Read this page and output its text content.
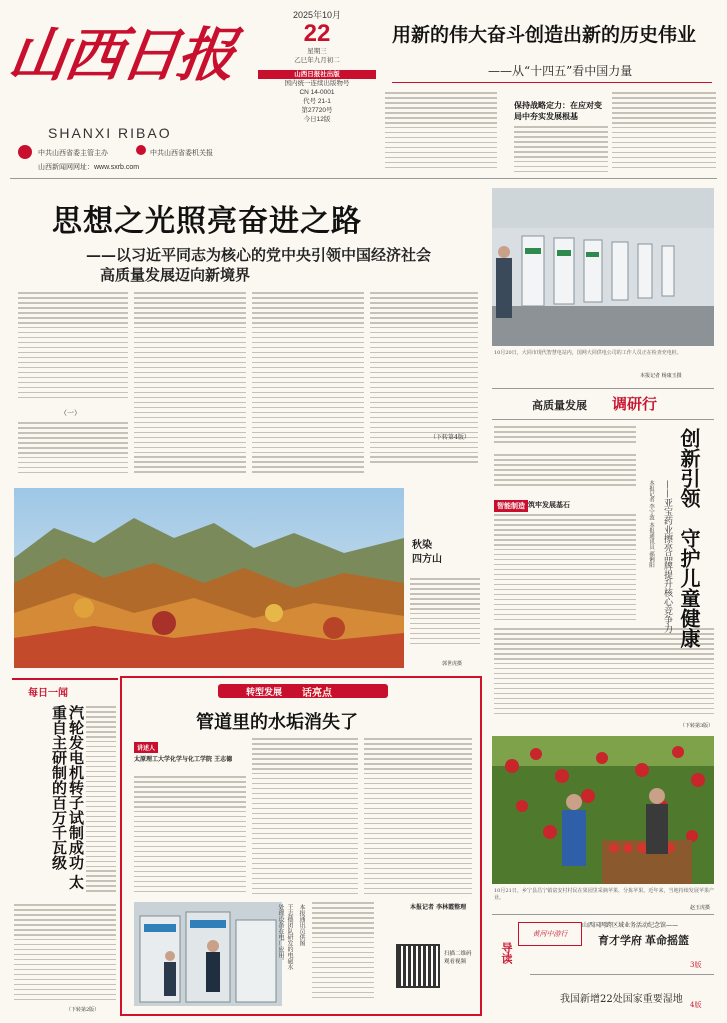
山西日报
SHANXI RIBAO
中共山西省委主管主办	中共山西省委机关报
山西新闻网网址：www.sxrb.com
2025年10月
22
星期三
乙巳年九月初二
山西日报社出版
国内统一连续出版物号
CN 14-0001
代号 21-1
第27720号
今日12版
用新的伟大奋斗创造出新的历史伟业
——从“十四五”看中国力量
保持战略定力：在应对变局中夯实发展根基
思想之光照亮奋进之路
——以习近平同志为核心的党中央引领中国经济社会
高质量发展迈向新境界
（一）
（下转第4版）
秋染
四方山
郭世虎摄
10月20日，大同市现代智慧电站内，国网大同供电公司的工作人员正在检查充电桩。
本报记者 杨康玉摄
高质量发展 调研行
智能制造 筑牢发展基石
（下转第3版）
创新引领
守护儿童健康
——亚宝药业擦亮品牌提升核心竞争力
本报记者 李宁波 本报通讯员 郝俐阳
每日一闻
汽轮发电机转子试制成功 太重自主研制的百万千瓦级
（下转第2版）
转型发展 话亮点
管道里的水垢消失了
讲述人
太原理工大学化学与化工学院 王志德
王志德团队研发的电磁水处理设备在电厂应用。	本报通讯员供图	本报记者 李林霞整理
扫描二维码 观看视频
10月21日，乡宁县昌宁镇富安村村民在果园里采摘苹果、分拣苹果。近年来，当地持续发展苹果产业。
赵玉虎摄
导读
黄河中游行
山西国网跨区域业务活动纪念馆——
育才学府 革命摇篮
3版
我国新增22处国家重要湿地 4版
